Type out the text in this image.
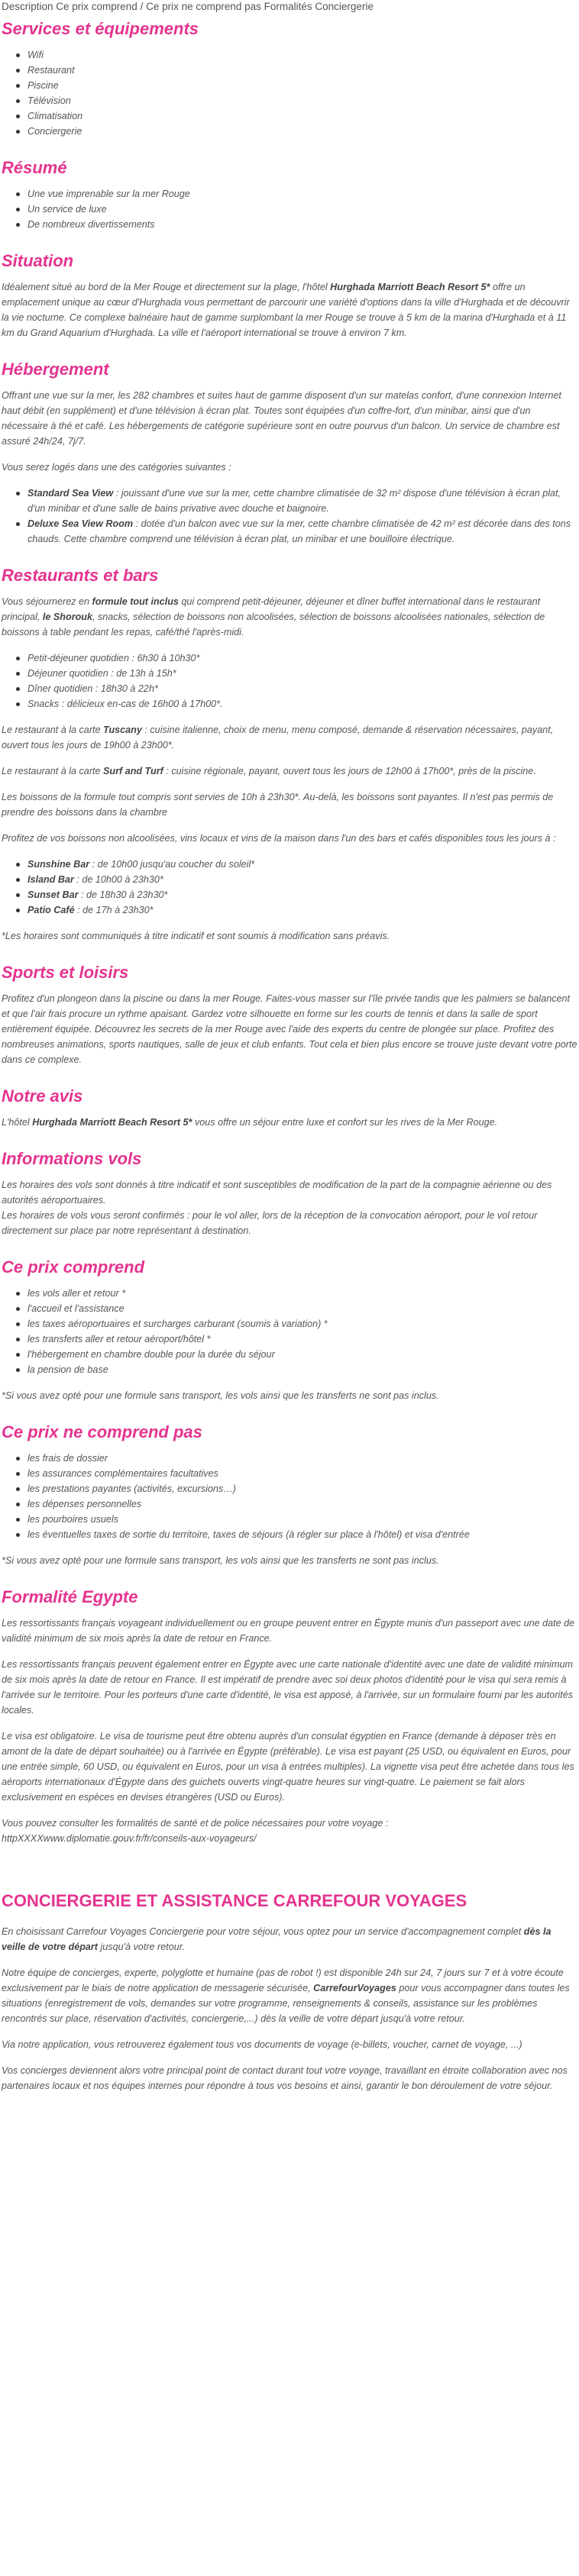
Description Ce prix comprend / Ce prix ne comprend pas Formalités Conciergerie
Services et équipements
Wifi
Restaurant
Piscine
Télévision
Climatisation
Conciergerie
Résumé
Une vue imprenable sur la mer Rouge
Un service de luxe
De nombreux divertissements
Situation

Idéalement situé au bord de la Mer Rouge et directement sur la plage, l'hôtel Hurghada Marriott Beach Resort 5* offre un emplacement unique au cœur d'Hurghada vous permettant de parcourir une variété d'options dans la ville d'Hurghada et de découvrir la vie nocturne. Ce complexe balnéaire haut de gamme surplombant la mer Rouge se trouve à 5 km de la marina d'Hurghada et à 11 km du Grand Aquarium d'Hurghada. La ville et l'aéroport international se trouve à environ 7 km.

Hébergement

Offrant une vue sur la mer, les 282 chambres et suites haut de gamme disposent d'un sur matelas confort, d'une connexion Internet haut débit (en supplément) et d'une télévision à écran plat. Toutes sont équipées d'un coffre-fort, d'un minibar, ainsi que d'un nécessaire à thé et café. Les hébergements de catégorie supérieure sont en outre pourvus d'un balcon. Un service de chambre est assuré 24h/24, 7j/7.

Vous serez logés dans une des catégories suivantes :

Standard Sea View : jouissant d'une vue sur la mer, cette chambre climatisée de 32 m² dispose d'une télévision à écran plat, d'un minibar et d'une salle de bains privative avec douche et baignoire.
Deluxe Sea View Room : dotée d'un balcon avec vue sur la mer, cette chambre climatisée de 42 m² est décorée dans des tons chauds. Cette chambre comprend une télévision à écran plat, un minibar et une bouilloire électrique.
Restaurants et bars

Vous séjournerez en formule tout inclus qui comprend petit-déjeuner, déjeuner et dîner buffet international dans le restaurant principal, le Shorouk, snacks, sélection de boissons non alcoolisées, sélection de boissons alcoolisées nationales, sélection de boissons à table pendant les repas, café/thé l'après-midi.

Petit-déjeuner quotidien : 6h30 à 10h30*
Déjeuner quotidien : de 13h à 15h*
Dîner quotidien : 18h30 à 22h*
Snacks : délicieux en-cas de 16h00 à 17h00*.

Le restaurant à la carte Tuscany : cuisine italienne, choix de menu, menu composé, demande & réservation nécessaires, payant, ouvert tous les jours de 19h00 à 23h00*.

Le restaurant à la carte Surf and Turf : cuisine régionale, payant, ouvert tous les jours de 12h00 à 17h00*, près de la piscine.

Les boissons de la formule tout compris sont servies de 10h à 23h30*. Au-delà, les boissons sont payantes. Il n'est pas permis de prendre des boissons dans la chambre

Profitez de vos boissons non alcoolisées, vins locaux et vins de la maison dans l'un des bars et cafés disponibles tous les jours à :

Sunshine Bar : de 10h00 jusqu'au coucher du soleil*
Island Bar : de 10h00 à 23h30*
Sunset Bar : de 18h30 à 23h30*
Patio Café : de 17h à 23h30*

*Les horaires sont communiqués à titre indicatif et sont soumis à modification sans préavis.

Sports et loisirs

Profitez d'un plongeon dans la piscine ou dans la mer Rouge. Faites-vous masser sur l'île privée tandis que les palmiers se balancent et que l'air frais procure un rythme apaisant. Gardez votre silhouette en forme sur les courts de tennis et dans la salle de sport entièrement équipée. Découvrez les secrets de la mer Rouge avec l'aide des experts du centre de plongée sur place. Profitez des nombreuses animations, sports nautiques, salle de jeux et club enfants. Tout cela et bien plus encore se trouve juste devant votre porte dans ce complexe.

Notre avis

L'hôtel Hurghada Marriott Beach Resort 5* vous offre un séjour entre luxe et confort sur les rives de la Mer Rouge.

Informations vols

Les horaires des vols sont donnés à titre indicatif et sont susceptibles de modification de la part de la compagnie aérienne ou des autorités aéroportuaires.

Les horaires de vols vous seront confirmés : pour le vol aller, lors de la réception de la convocation aéroport, pour le vol retour directement sur place par notre représentant à destination.

Ce prix comprend
les vols aller et retour *
l'accueil et l'assistance
les taxes aéroportuaires et surcharges carburant (soumis à variation) *
les transferts aller et retour aéroport/hôtel *
l'hébergement en chambre double pour la durée du séjour
la pension de base

*Si vous avez opté pour une formule sans transport, les vols ainsi que les transferts ne sont pas inclus.

Ce prix ne comprend pas
les frais de dossier
les assurances complémentaires facultatives
les prestations payantes (activités, excursions…)
les dépenses personnelles
les pourboires usuels
les éventuelles taxes de sortie du territoire, taxes de séjours (à régler sur place à l'hôtel) et visa d'entrée

*Si vous avez opté pour une formule sans transport, les vols ainsi que les transferts ne sont pas inclus.

Formalité Egypte

Les ressortissants français voyageant individuellement ou en groupe peuvent entrer en Égypte munis d'un passeport avec une date de validité minimum de six mois après la date de retour en France.

Les ressortissants français peuvent également entrer en Égypte avec une carte nationale d'identité avec une date de validité minimum de six mois après la date de retour en France. Il est impératif de prendre avec soi deux photos d'identité pour le visa qui sera remis à l'arrivée sur le territoire. Pour les porteurs d'une carte d'identité, le visa est apposé, à l'arrivée, sur un formulaire fourni par les autorités locales.

Le visa est obligatoire. Le visa de tourisme peut être obtenu auprès d'un consulat égyptien en France (demande à déposer très en amont de la date de départ souhaitée) ou à l'arrivée en Égypte (préférable). Le visa est payant (25 USD, ou équivalent en Euros, pour une entrée simple, 60 USD, ou équivalent en Euros, pour un visa à entrées multiples). La vignette visa peut être achetée dans tous les aéroports internationaux d'Égypte dans des guichets ouverts vingt-quatre heures sur vingt-quatre. Le paiement se fait alors exclusivement en espèces en devises étrangères (USD ou Euros).

Vous pouvez consulter les formalités de santé et de police nécessaires pour votre voyage : httpXXXXwww.diplomatie.gouv.fr/fr/conseils-aux-voyageurs/

CONCIERGERIE ET ASSISTANCE CARREFOUR VOYAGES

En choisissant Carrefour Voyages Conciergerie pour votre séjour, vous optez pour un service d'accompagnement complet dès la veille de votre départ jusqu'à votre retour.

Notre équipe de concierges, experte, polyglotte et humaine (pas de robot !) est disponible 24h sur 24, 7 jours sur 7 et à votre écoute exclusivement par le biais de notre application de messagerie sécurisée, CarrefourVoyages pour vous accompagner dans toutes les situations (enregistrement de vols, demandes sur votre programme, renseignements & conseils, assistance sur les problèmes rencontrés sur place, réservation d'activités, conciergerie,...) dès la veille de votre départ jusqu'à votre retour.

Via notre application, vous retrouverez également tous vos documents de voyage (e-billets, voucher, carnet de voyage, ...)

Vos concierges deviennent alors votre principal point de contact durant tout votre voyage, travaillant en étroite collaboration avec nos partenaires locaux et nos équipes internes pour répondre à tous vos besoins et ainsi, garantir le bon déroulement de votre séjour.
